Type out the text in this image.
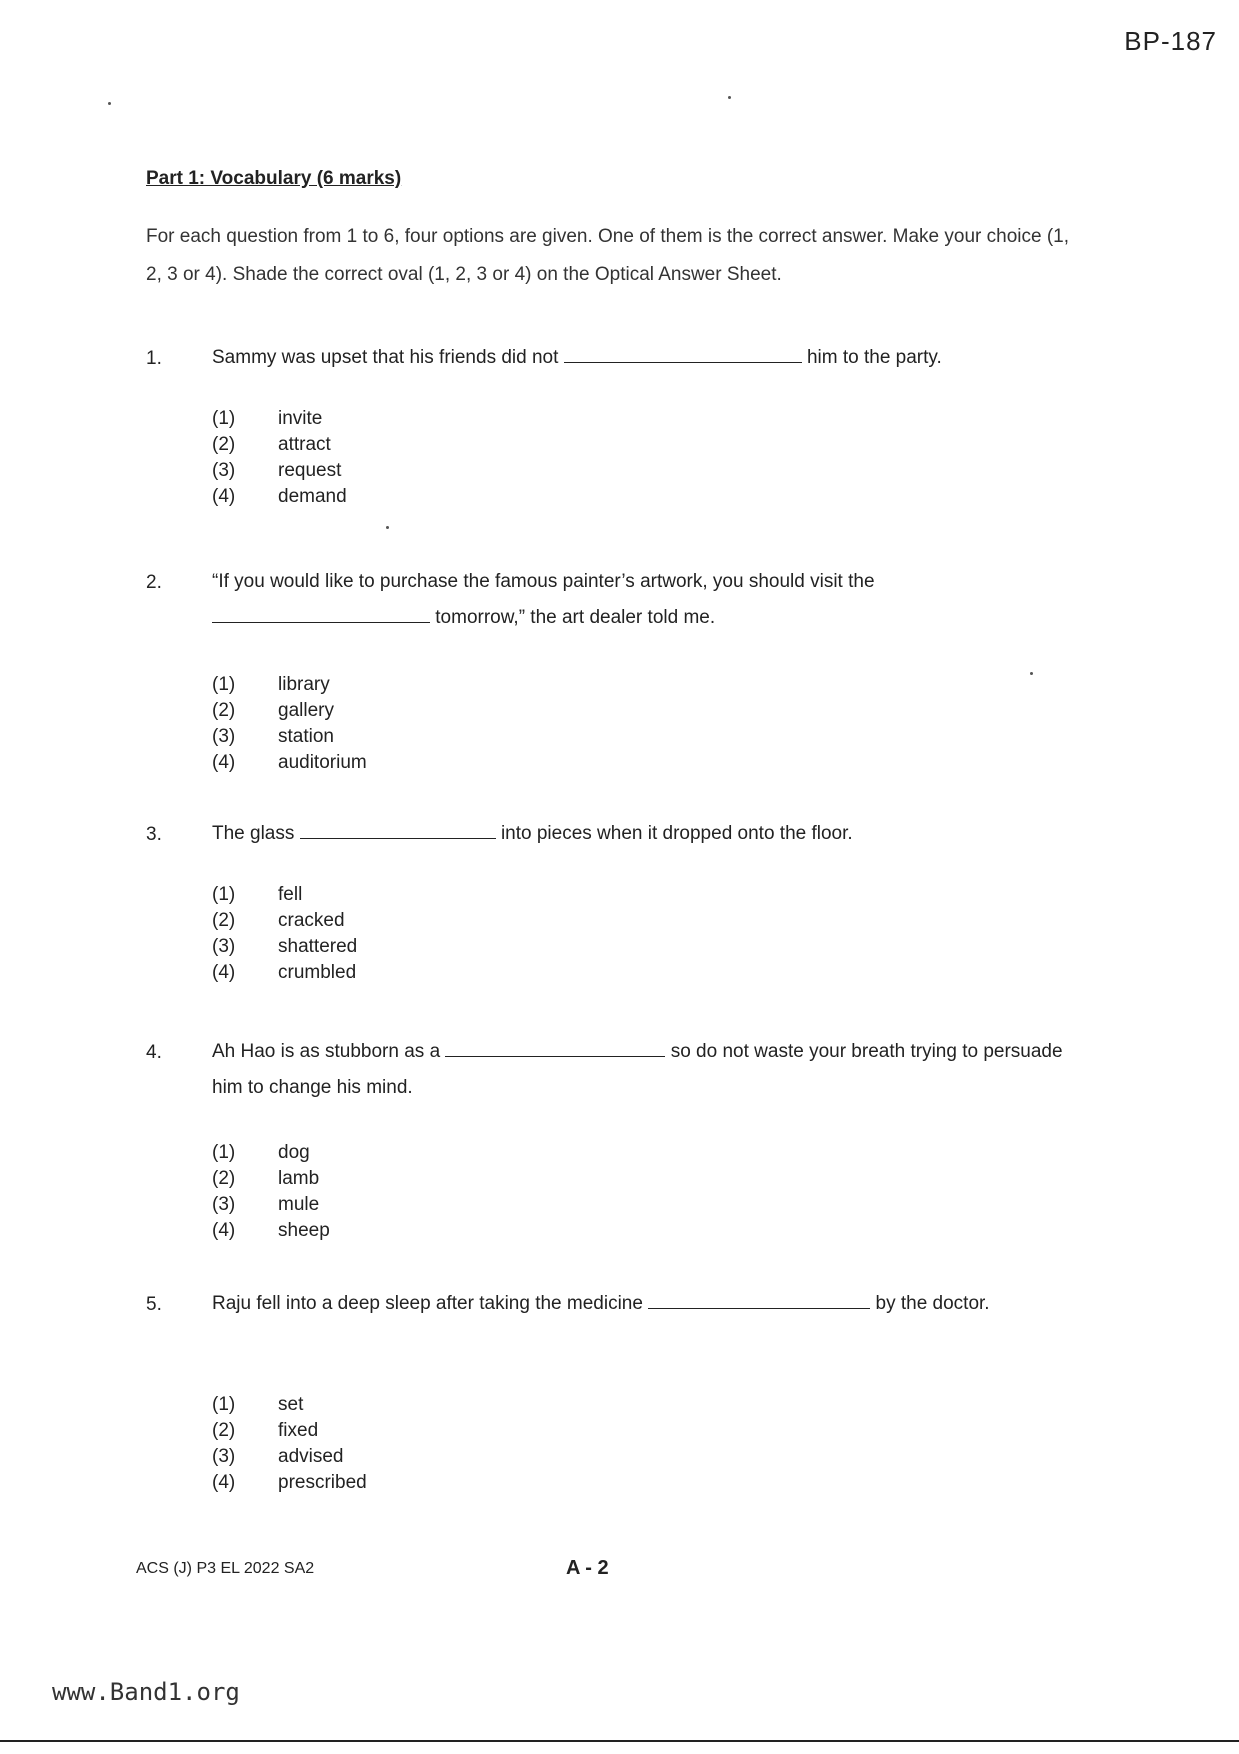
BP-187
Part 1: Vocabulary (6 marks)
For each question from 1 to 6, four options are given. One of them is the correct answer. Make your choice (1, 2, 3 or 4). Shade the correct oval (1, 2, 3 or 4) on the Optical Answer Sheet.
1.	Sammy was upset that his friends did not	him to the party.
(1) invite
(2) attract
(3) request
(4) demand
2.	“If you would like to purchase the famous painter’s artwork, you should visit the
tomorrow,” the art dealer told me.
(1) library
(2) gallery
(3) station
(4) auditorium
3.	The glass	into pieces when it dropped onto the floor.
(1) fell
(2) cracked
(3) shattered
(4) crumbled
4.	Ah Hao is as stubborn as a	so do not waste your breath trying to persuade him to change his mind.
(1) dog
(2) lamb
(3) mule
(4) sheep
5.	Raju fell into a deep sleep after taking the medicine	by the doctor.
(1) set
(2) fixed
(3) advised
(4) prescribed
ACS (J) P3 EL 2022 SA2	A - 2
www.Band1.org
